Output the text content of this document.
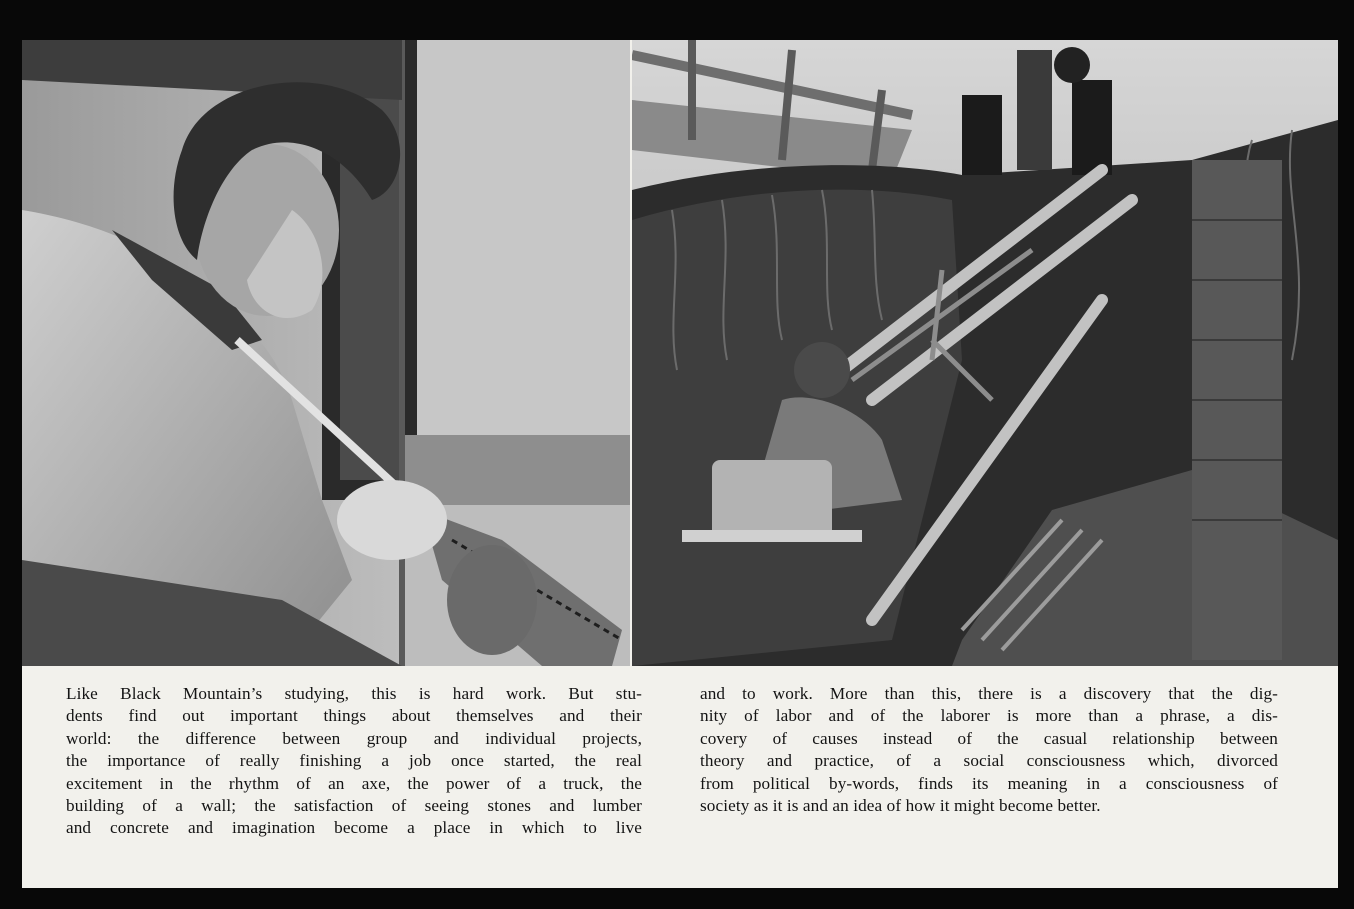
Like Black Mountain’s studying, this is hard work. But stu-
dents find out important things about themselves and their
world: the difference between group and individual projects,
the importance of really finishing a job once started, the real
excitement in the rhythm of an axe, the power of a truck, the
building of a wall; the satisfaction of seeing stones and lumber
and concrete and imagination become a place in which to live
and to work. More than this, there is a discovery that the dig-
nity of labor and of the laborer is more than a phrase, a dis-
covery of causes instead of the casual relationship between
theory and practice, of a social consciousness which, divorced
from political by-words, finds its meaning in a consciousness of
society as it is and an idea of how it might become better.
